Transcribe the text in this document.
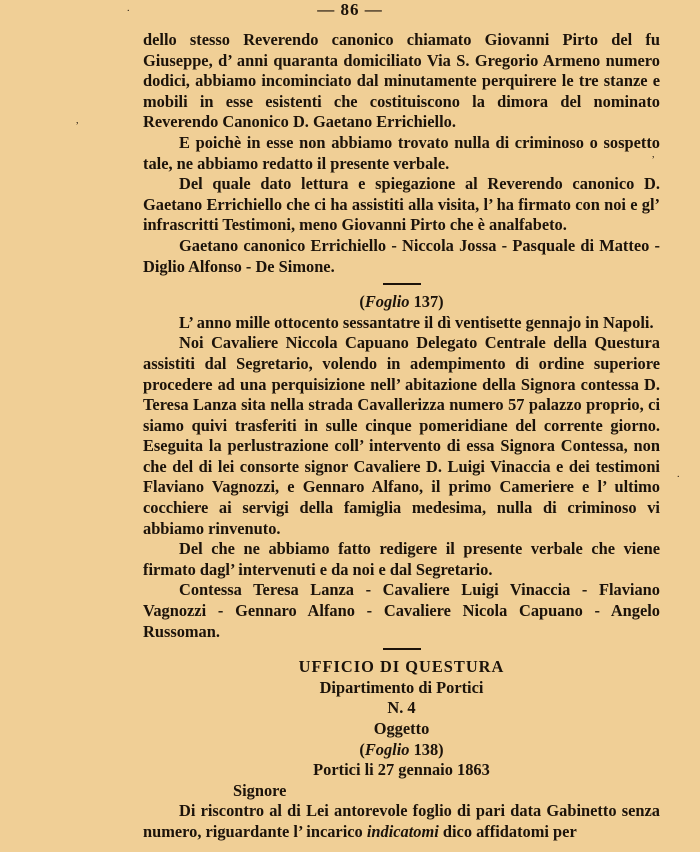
— 86 —

dello stesso Reverendo canonico chiamato Giovanni Pirto del fu Giuseppe, d’ anni quaranta domiciliato Via S. Gregorio Armeno numero dodici, abbiamo incominciato dal minutamente perquirere le tre stanze e mobili in esse esistenti che costituiscono la dimora del nominato Reverendo Canonico D. Gaetano Errichiello.

E poichè in esse non abbiamo trovato nulla di criminoso o sospetto tale, ne abbiamo redatto il presente verbale.

Del quale dato lettura e spiegazione al Reverendo canonico D. Gaetano Errichiello che ci ha assistiti alla visita, l’ ha firmato con noi e gl’ infrascritti Testimoni, meno Giovanni Pirto che è analfabeto.

Gaetano canonico Errichiello - Niccola Jossa - Pasquale di Matteo - Diglio Alfonso - De Simone.

(Foglio 137)

L’ anno mille ottocento sessantatre il dì ventisette gennajo in Napoli.

Noi Cavaliere Niccola Capuano Delegato Centrale della Questura assistiti dal Segretario, volendo in adempimento di ordine superiore procedere ad una perquisizione nell’ abitazione della Signora contessa D. Teresa Lanza sita nella strada Cavallerizza numero 57 palazzo proprio, ci siamo quivi trasferiti in sulle cinque pomeridiane del corrente giorno. Eseguita la perlustrazione coll’ intervento di essa Signora Contessa, non che del di lei consorte signor Cavaliere D. Luigi Vinaccia e dei testimoni Flaviano Vagnozzi, e Gennaro Alfano, il primo Cameriere e l’ ultimo cocchiere ai servigi della famiglia medesima, nulla di criminoso vi abbiamo rinvenuto.

Del che ne abbiamo fatto redigere il presente verbale che viene firmato dagl’ intervenuti e da noi e dal Segretario.

Contessa Teresa Lanza - Cavaliere Luigi Vinaccia - Flaviano Vagnozzi - Gennaro Alfano - Cavaliere Nicola Capuano - Angelo Russoman.

UFFICIO DI QUESTURA

Dipartimento di Portici

N. 4

Oggetto

(Foglio 138)

Portici li 27 gennaio 1863

Signore

Di riscontro al di Lei antorevole foglio di pari data Gabinetto senza numero, riguardante l’ incarico indicatomi dico affidatomi per

,
.
,
.
